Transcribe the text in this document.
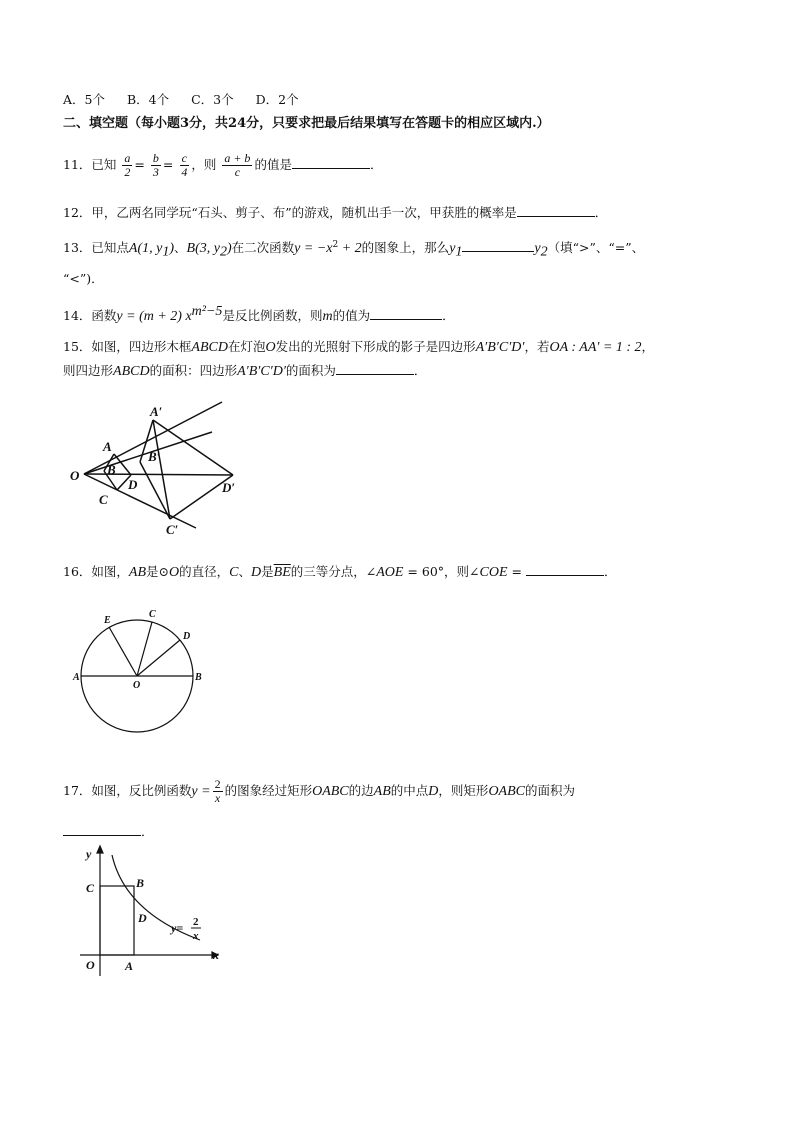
A．5个 B．4个 C．3个 D．2个
二、填空题（每小题3分，共24分，只要求把最后结果填写在答题卡的相应区域内.）
11．已知 $\frac{a}{2} = \frac{b}{3} = \frac{c}{4}$ ，则 $\frac{a + b}{c}$ 的值是	．
12．甲，乙两名同学玩“石头、剪子、布”的游戏，随机出手一次，甲获胜的概率是	．
13．已知点A(1, $y_1$)、B(3, $y_2$)在二次函数$y = -x^2 + 2$的图象上，那么$y_1$	$y_2$（填“>”、“=”、
“<”)．
14．函数y = (m + 2) $x^{m^2-5}$是反比例函数，则m的值为	．
15．如图，四边形木框ABCD在灯泡O发出的光照射下形成的影子是四边形A′B′C′D′，若OA : AA′ = 1 : 2，
则四边形ABCD的面积：四边形A′B′C′D′的面积为	．
A′
A
B
B′
O
D	D′
C
C′
16．如图，AB是⊙O的直径，C、D是$\overline{BE}$的三等分点，∠AOE = 60°，则∠COE =	．
E
C
D
A
O
B
17．如图，反比例函数$y = \frac{2}{x}$ 的图象经过矩形OABC的边AB的中点D，则矩形OABC的面积为
．
y
x
C	B
D
O	A
y= 2
x
